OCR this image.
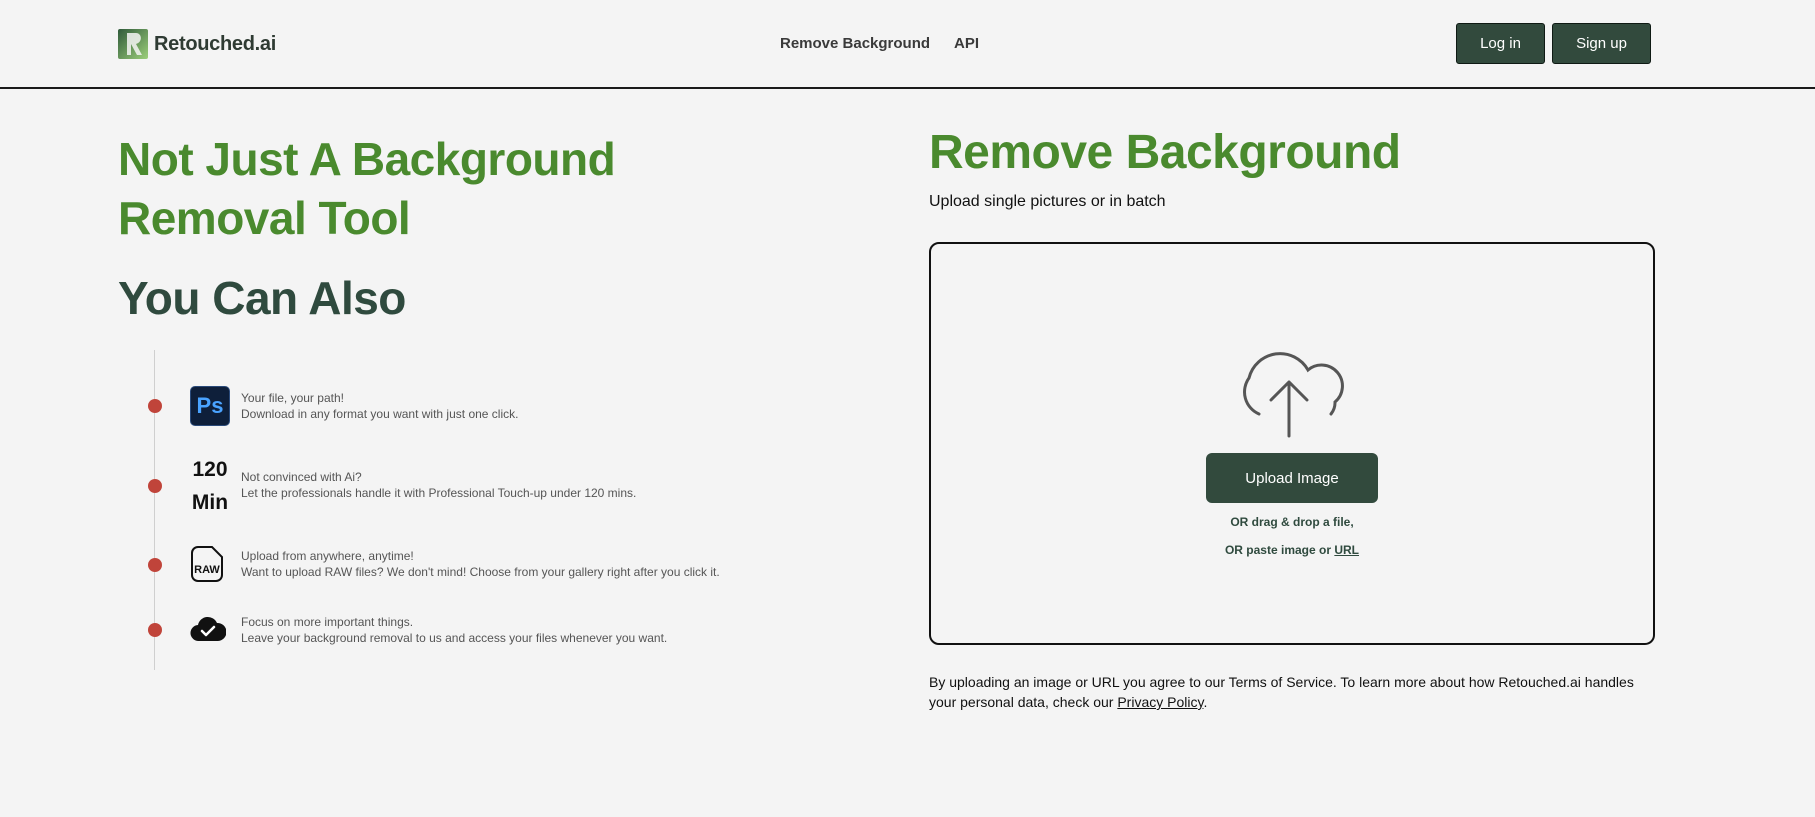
Retouched.ai	Remove Background API	Log in	Sign up
Not Just A Background Removal Tool
You Can Also
Ps	Your file, your path!
Download in any format you want with just one click.
120
Min
Not convinced with Ai?
Let the professionals handle it with Professional Touch-up under 120 mins.
RAW
Upload from anywhere, anytime!
Want to upload RAW files? We don't mind! Choose from your gallery right after you click it.
Focus on more important things.
Leave your background removal to us and access your files whenever you want.
Remove Background

Upload single pictures or in batch

Upload Image
OR drag & drop a file,
OR paste image or URL

By uploading an image or URL you agree to our Terms of Service. To learn more about how Retouched.ai handles your personal data, check our Privacy Policy.
